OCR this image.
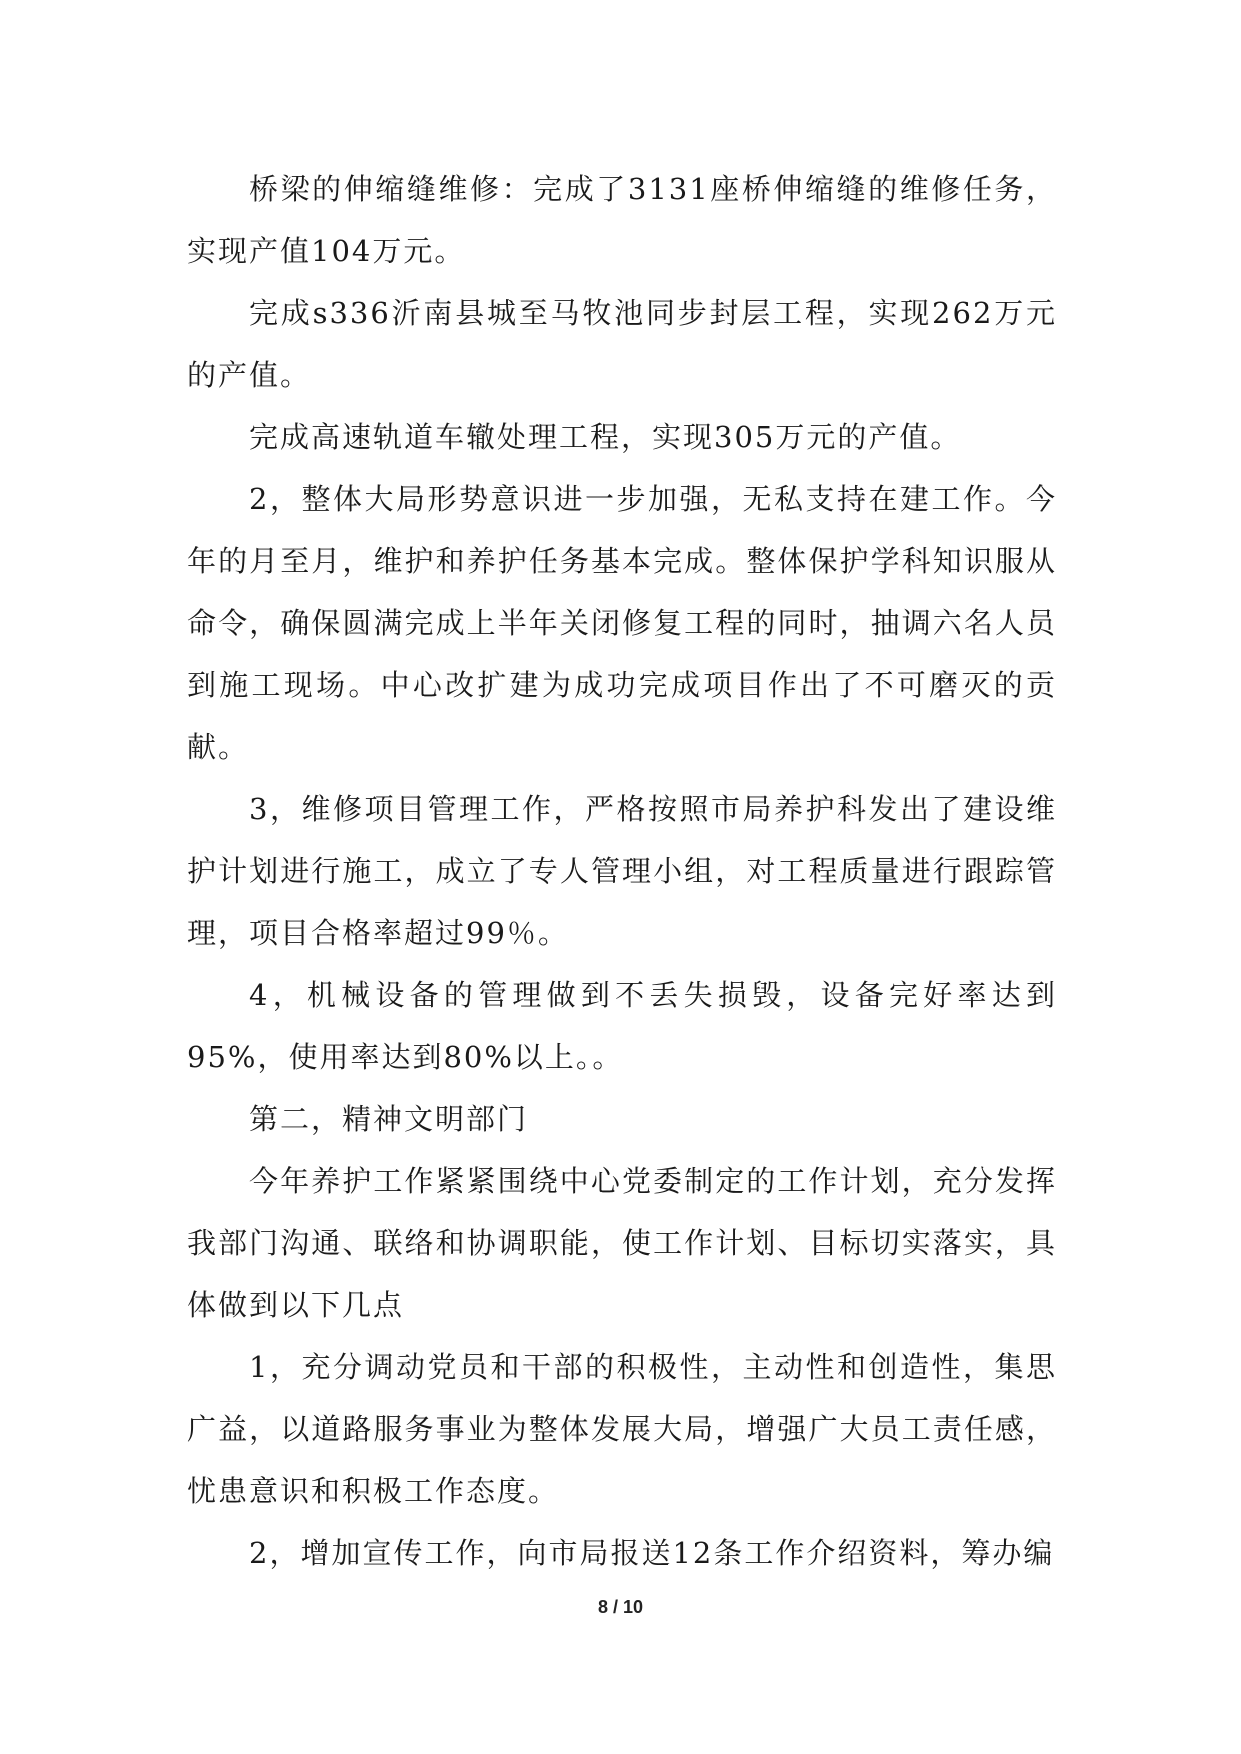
桥梁的伸缩缝维修：完成了3131座桥伸缩缝的维修任务，实现产值104万元。

完成s336沂南县城至马牧池同步封层工程，实现262万元的产值。

完成高速轨道车辙处理工程，实现305万元的产值。

2，整体大局形势意识进一步加强，无私支持在建工作。今年的月至月，维护和养护任务基本完成。整体保护学科知识服从命令，确保圆满完成上半年关闭修复工程的同时，抽调六名人员到施工现场。中心改扩建为成功完成项目作出了不可磨灭的贡献。

3，维修项目管理工作，严格按照市局养护科发出了建设维护计划进行施工，成立了专人管理小组，对工程质量进行跟踪管理，项目合格率超过99％。

4，机械设备的管理做到不丢失损毁，设备完好率达到95%，使用率达到80%以上。。

第二，精神文明部门

今年养护工作紧紧围绕中心党委制定的工作计划，充分发挥我部门沟通、联络和协调职能，使工作计划、目标切实落实，具体做到以下几点

1，充分调动党员和干部的积极性，主动性和创造性，集思广益，以道路服务事业为整体发展大局，增强广大员工责任感，忧患意识和积极工作态度。

2，增加宣传工作，向市局报送12条工作介绍资料，筹办编

8 / 10
